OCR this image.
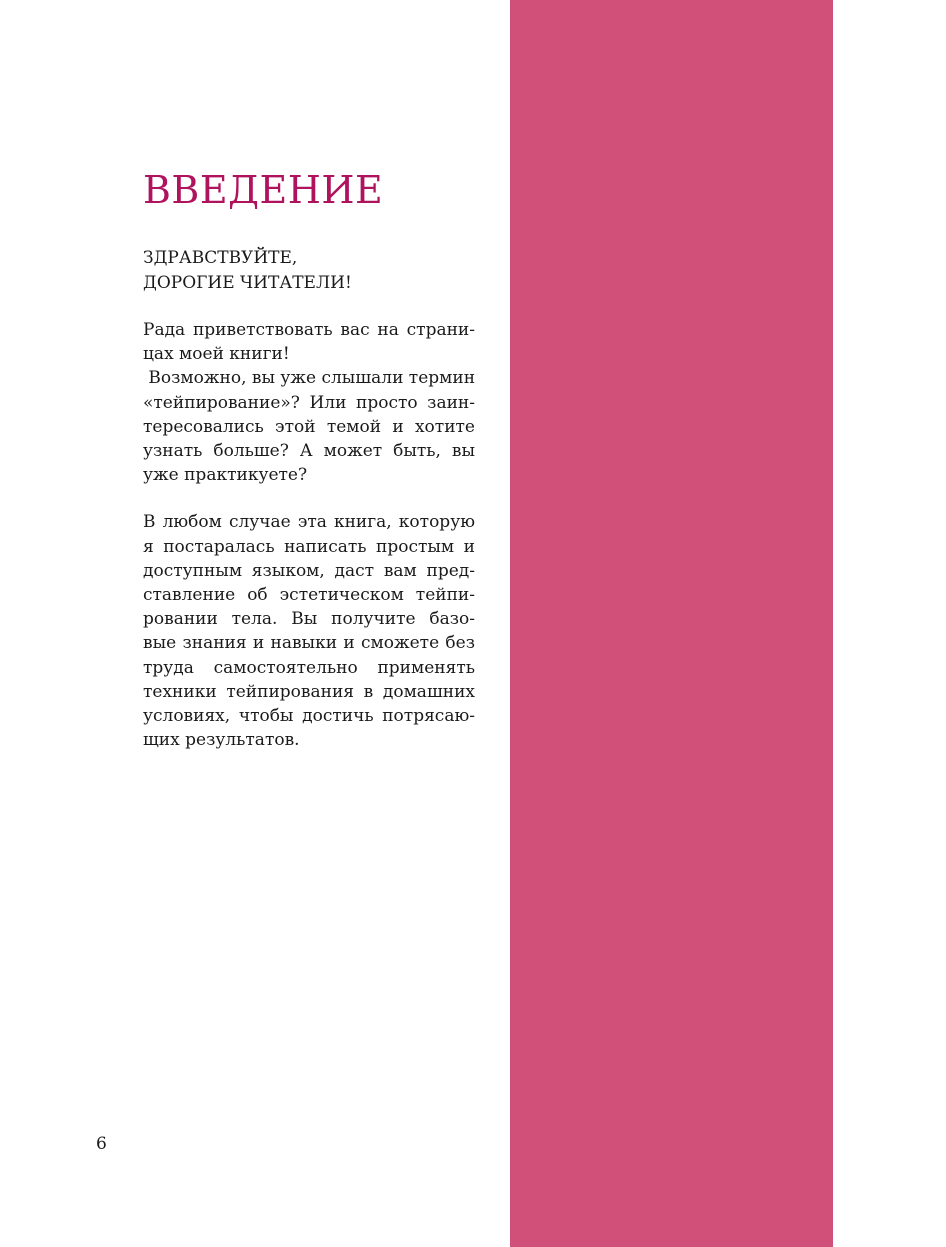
ВВЕДЕНИЕ

ЗДРАВСТВУЙТЕ,
ДОРОГИЕ ЧИТАТЕЛИ!

Рада приветствовать вас на страни-
цах моей книги!
Возможно, вы уже слышали термин
«тейпирование»? Или просто заин-
тересовались этой темой и хотите
узнать больше? А может быть, вы
уже практикуете?

В любом случае эта книга, которую
я постаралась написать простым и
доступным языком, даст вам пред-
ставление об эстетическом тейпи-
ровании тела. Вы получите базо-
вые знания и навыки и сможете без
труда самостоятельно применять
техники тейпирования в домашних
условиях, чтобы достичь потрясаю-
щих результатов.

6
